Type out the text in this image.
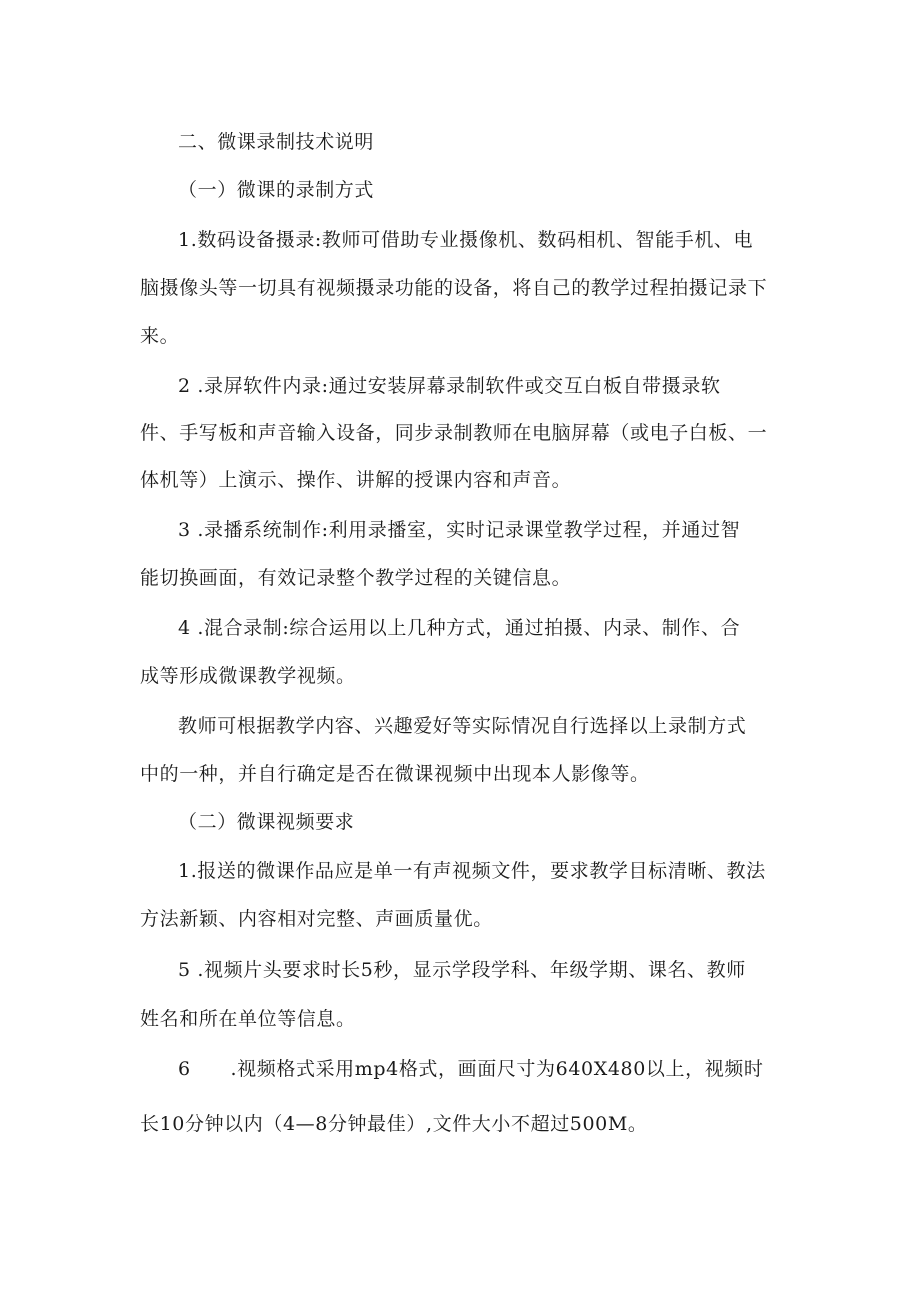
二、微课录制技术说明

（一）微课的录制方式

1.数码设备摄录:教师可借助专业摄像机、数码相机、智能手机、电

脑摄像头等一切具有视频摄录功能的设备，将自己的教学过程拍摄记录下

来。

2 .录屏软件内录:通过安装屏幕录制软件或交互白板自带摄录软

件、手写板和声音输入设备，同步录制教师在电脑屏幕（或电子白板、一

体机等）上演示、操作、讲解的授课内容和声音。

3 .录播系统制作:利用录播室，实时记录课堂教学过程，并通过智

能切换画面，有效记录整个教学过程的关键信息。

4 .混合录制:综合运用以上几种方式，通过拍摄、内录、制作、合

成等形成微课教学视频。

教师可根据教学内容、兴趣爱好等实际情况自行选择以上录制方式

中的一种，并自行确定是否在微课视频中出现本人影像等。

（二）微课视频要求

1.报送的微课作品应是单一有声视频文件，要求教学目标清晰、教法

方法新颖、内容相对完整、声画质量优。

5 .视频片头要求时长5秒，显示学段学科、年级学期、课名、教师

姓名和所在单位等信息。

6      .视频格式采用mp4格式，画面尺寸为640X480以上，视频时

长10分钟以内（4—8分钟最佳）,文件大小不超过500M。
